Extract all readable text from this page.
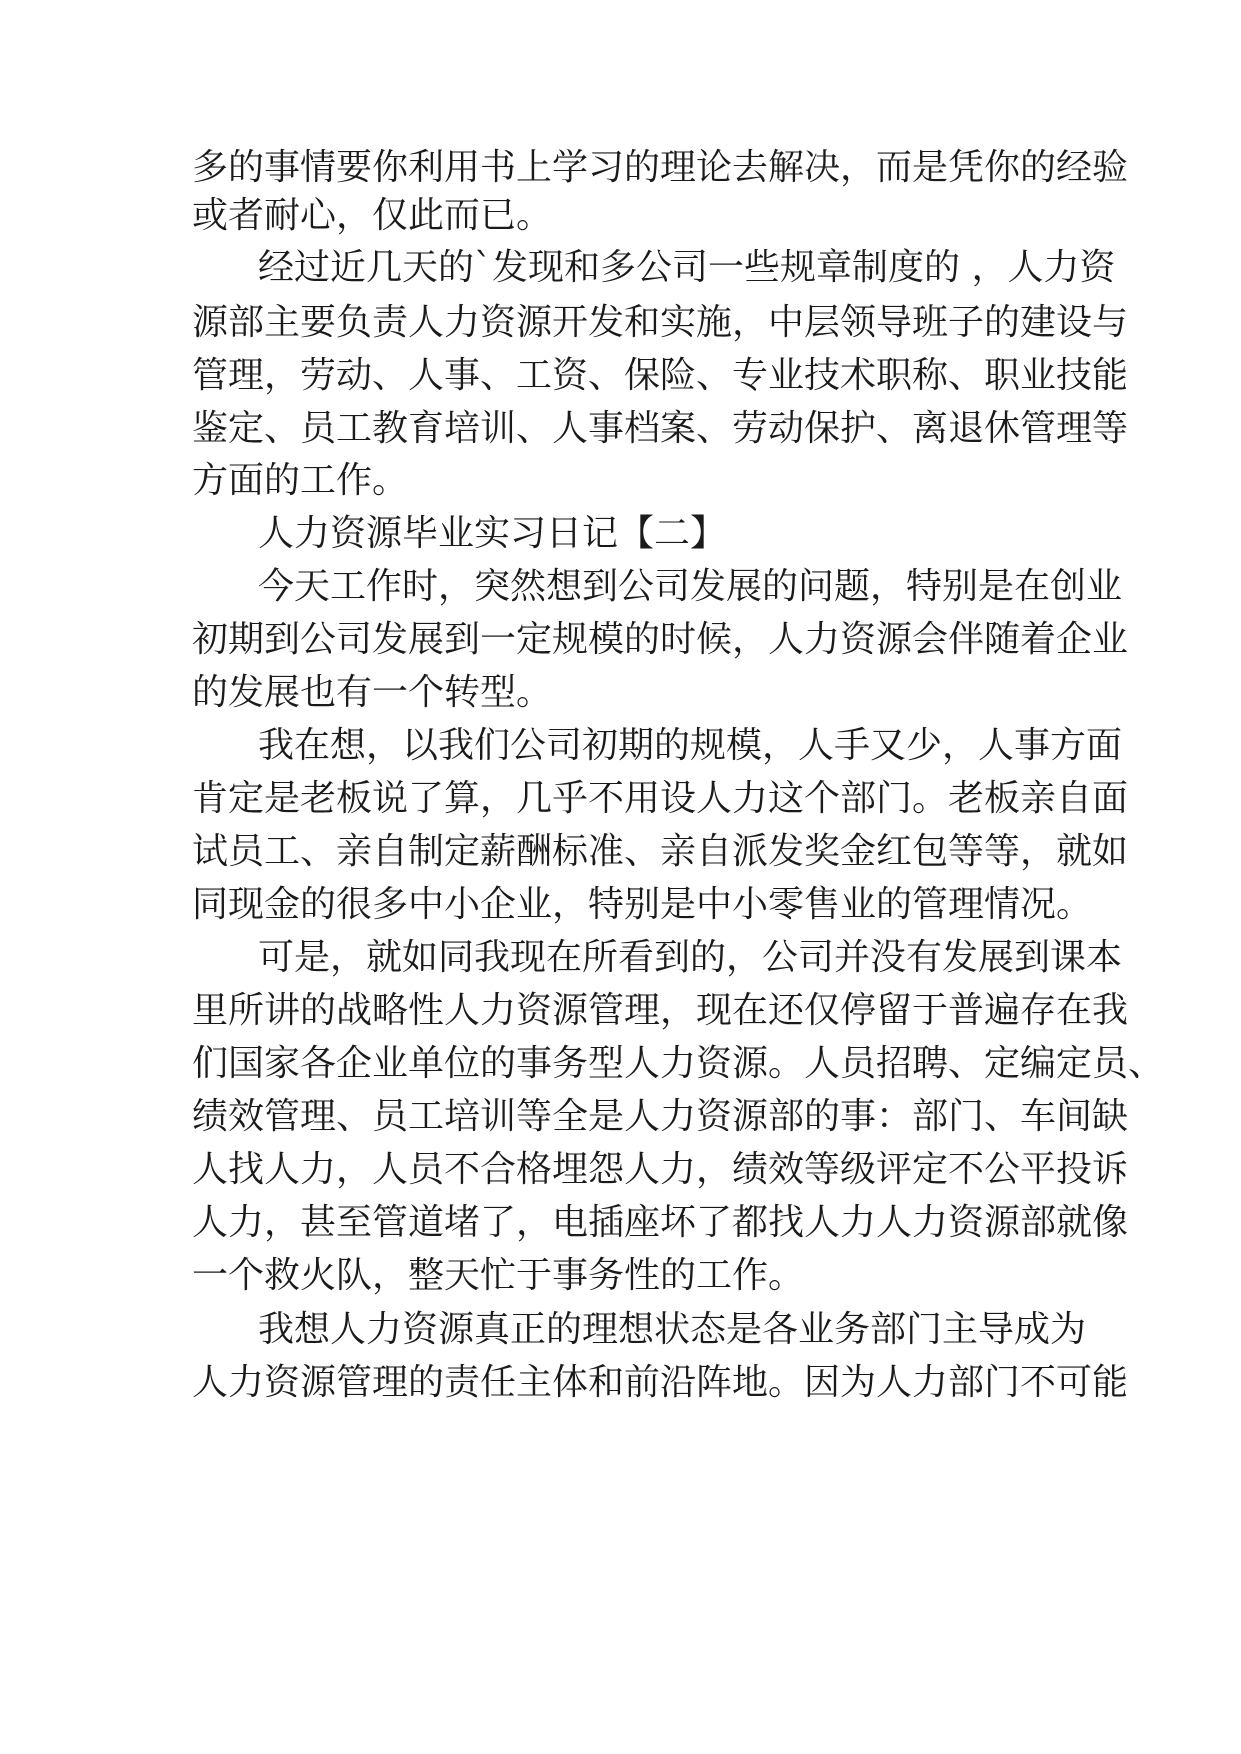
多的事情要你利用书上学习的理论去解决，而是凭你的经验
或者耐心，仅此而已。
经过近几天的`发现和多公司一些规章制度的 ，人力资
源部主要负责人力资源开发和实施，中层领导班子的建设与
管理，劳动、人事、工资、保险、专业技术职称、职业技能
鉴定、员工教育培训、人事档案、劳动保护、离退休管理等
方面的工作。
人力资源毕业实习日记【二】
今天工作时，突然想到公司发展的问题，特别是在创业
初期到公司发展到一定规模的时候，人力资源会伴随着企业
的发展也有一个转型。
我在想，以我们公司初期的规模，人手又少，人事方面
肯定是老板说了算，几乎不用设人力这个部门。老板亲自面
试员工、亲自制定薪酬标准、亲自派发奖金红包等等，就如
同现金的很多中小企业，特别是中小零售业的管理情况。
可是，就如同我现在所看到的，公司并没有发展到课本
里所讲的战略性人力资源管理，现在还仅停留于普遍存在我
们国家各企业单位的事务型人力资源。人员招聘、定编定员、
绩效管理、员工培训等全是人力资源部的事：部门、车间缺
人找人力，人员不合格埋怨人力，绩效等级评定不公平投诉
人力，甚至管道堵了，电插座坏了都找人力人力资源部就像
一个救火队，整天忙于事务性的工作。
我想人力资源真正的理想状态是各业务部门主导成为
人力资源管理的责任主体和前沿阵地。因为人力部门不可能
